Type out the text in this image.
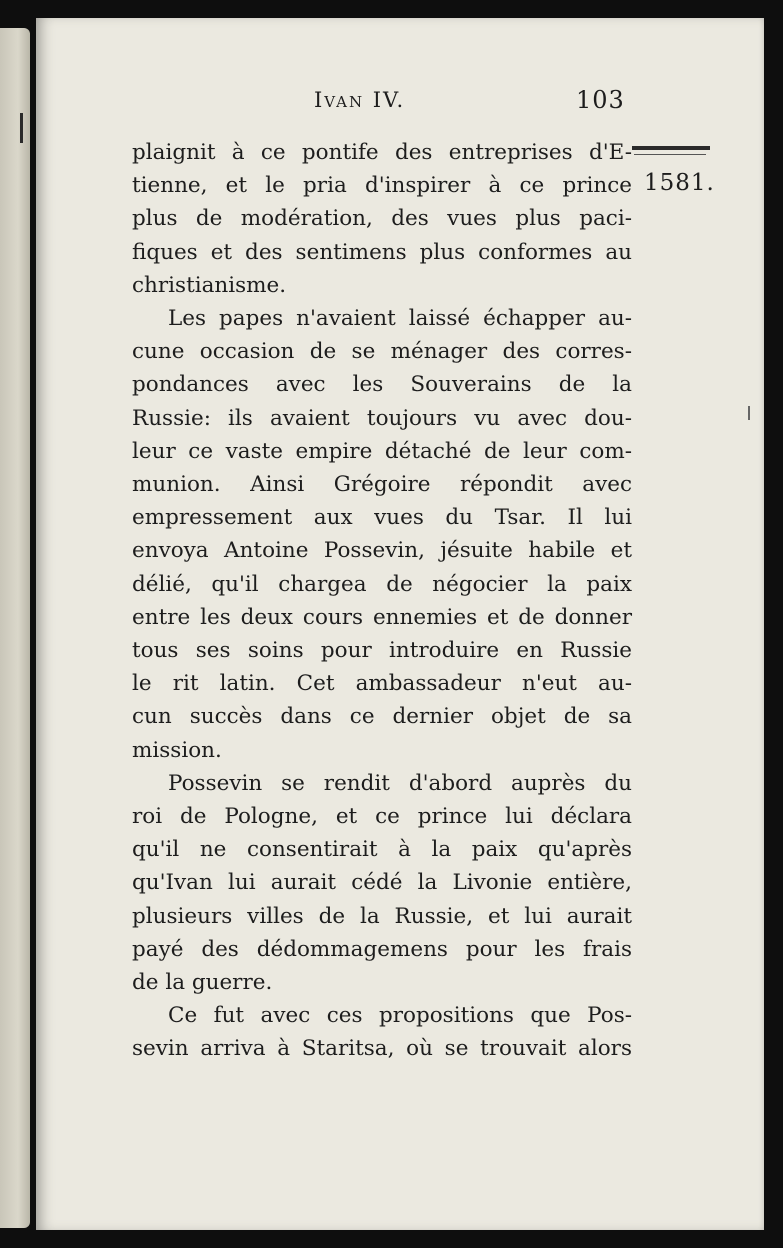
Ivan IV.	103
1581.
plaignit à ce pontife des entreprises d'E-
tienne, et le pria d'inspirer à ce prince
plus de modération, des vues plus paci-
fiques et des sentimens plus conformes au
christianisme.
Les papes n'avaient laissé échapper au-
cune occasion de se ménager des corres-
pondances avec les Souverains de la
Russie: ils avaient toujours vu avec dou-
leur ce vaste empire détaché de leur com-
munion. Ainsi Grégoire répondit avec
empressement aux vues du Tsar. Il lui
envoya Antoine Possevin, jésuite habile et
délié, qu'il chargea de négocier la paix
entre les deux cours ennemies et de donner
tous ses soins pour introduire en Russie
le rit latin. Cet ambassadeur n'eut au-
cun succès dans ce dernier objet de sa
mission.
Possevin se rendit d'abord auprès du
roi de Pologne, et ce prince lui déclara
qu'il ne consentirait à la paix qu'après
qu'Ivan lui aurait cédé la Livonie entière,
plusieurs villes de la Russie, et lui aurait
payé des dédommagemens pour les frais
de la guerre.
Ce fut avec ces propositions que Pos-
sevin arriva à Staritsa, où se trouvait alors
